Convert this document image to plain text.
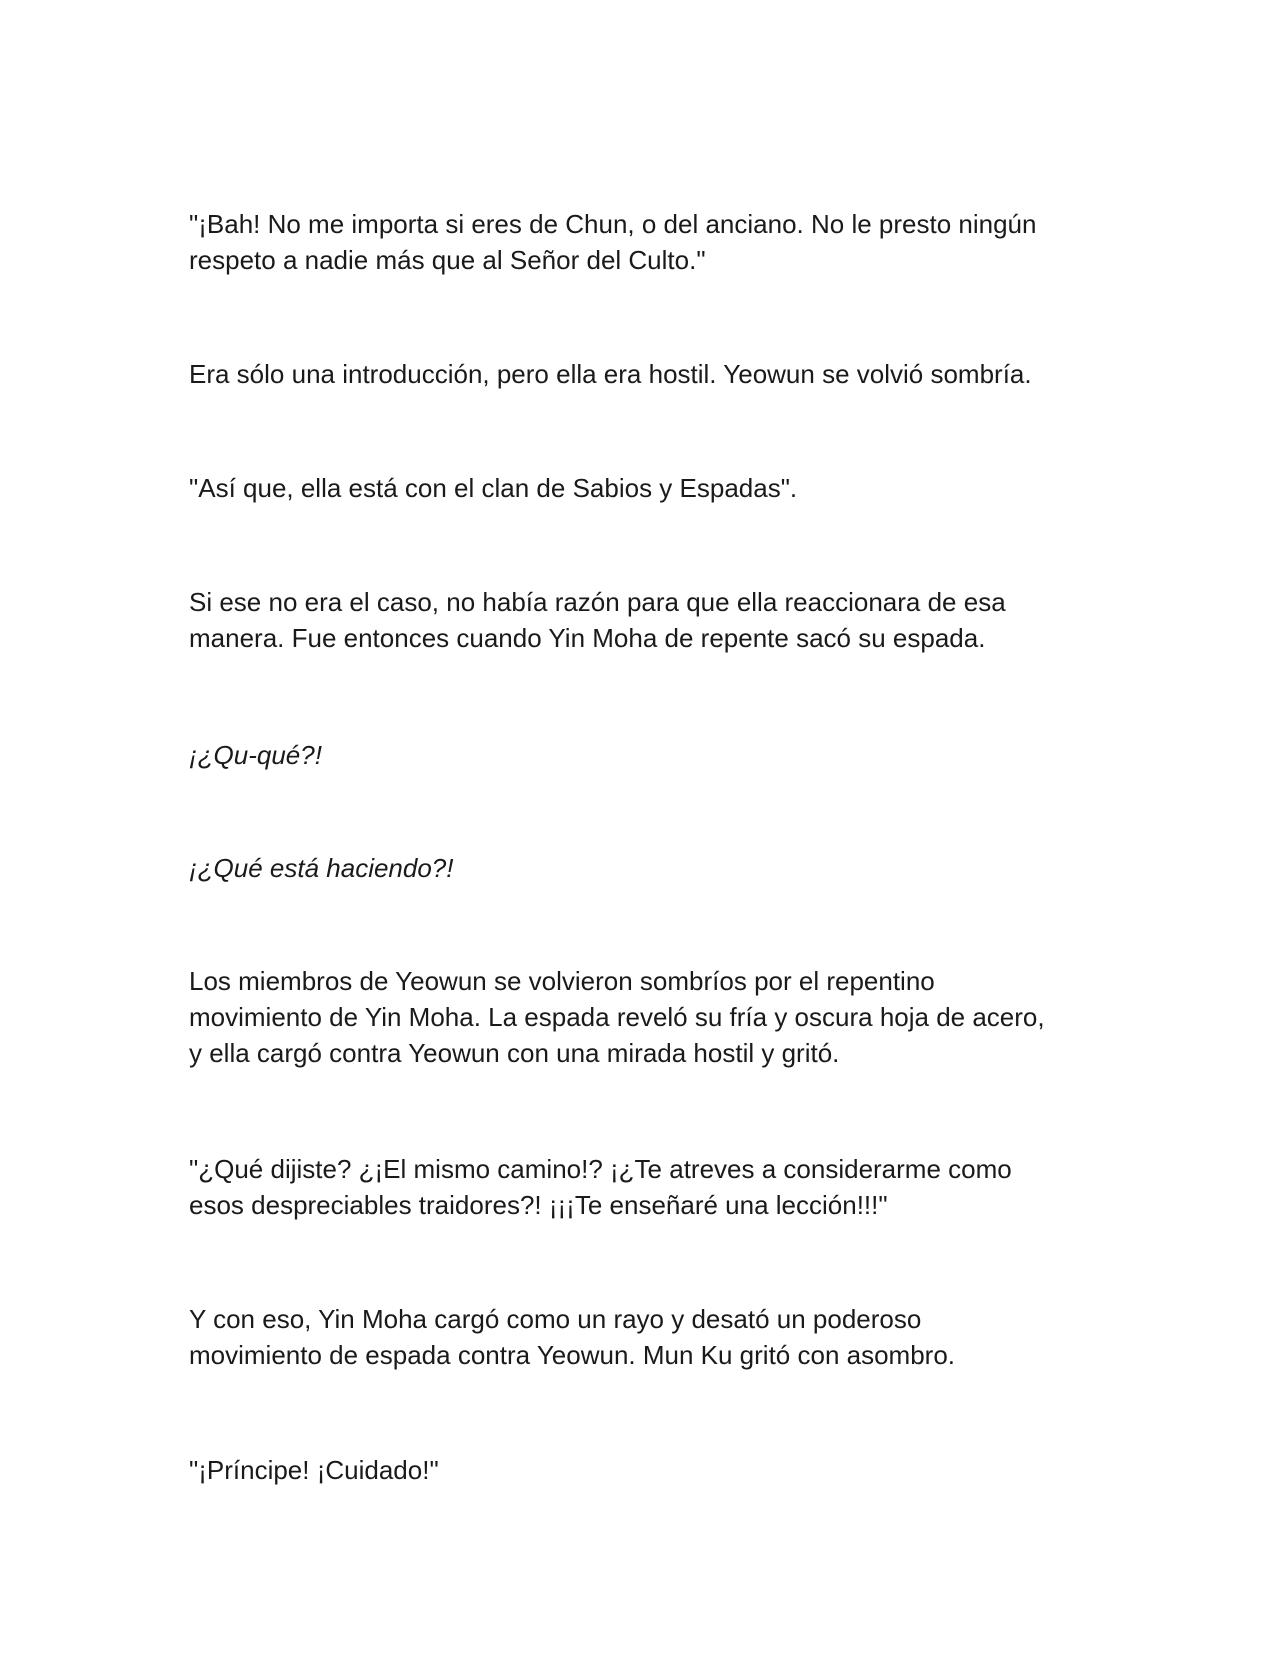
"¡Bah! No me importa si eres de Chun, o del anciano. No le presto ningún
respeto a nadie más que al Señor del Culto."

Era sólo una introducción, pero ella era hostil. Yeowun se volvió sombría.

"Así que, ella está con el clan de Sabios y Espadas".

Si ese no era el caso, no había razón para que ella reaccionara de esa
manera. Fue entonces cuando Yin Moha de repente sacó su espada.

¡¿Qu-qué?!

¡¿Qué está haciendo?!

Los miembros de Yeowun se volvieron sombríos por el repentino
movimiento de Yin Moha. La espada reveló su fría y oscura hoja de acero,
y ella cargó contra Yeowun con una mirada hostil y gritó.

"¿Qué dijiste? ¿¡El mismo camino!? ¡¿Te atreves a considerarme como
esos despreciables traidores?! ¡¡¡Te enseñaré una lección!!!"

Y con eso, Yin Moha cargó como un rayo y desató un poderoso
movimiento de espada contra Yeowun. Mun Ku gritó con asombro.

"¡Príncipe! ¡Cuidado!"
